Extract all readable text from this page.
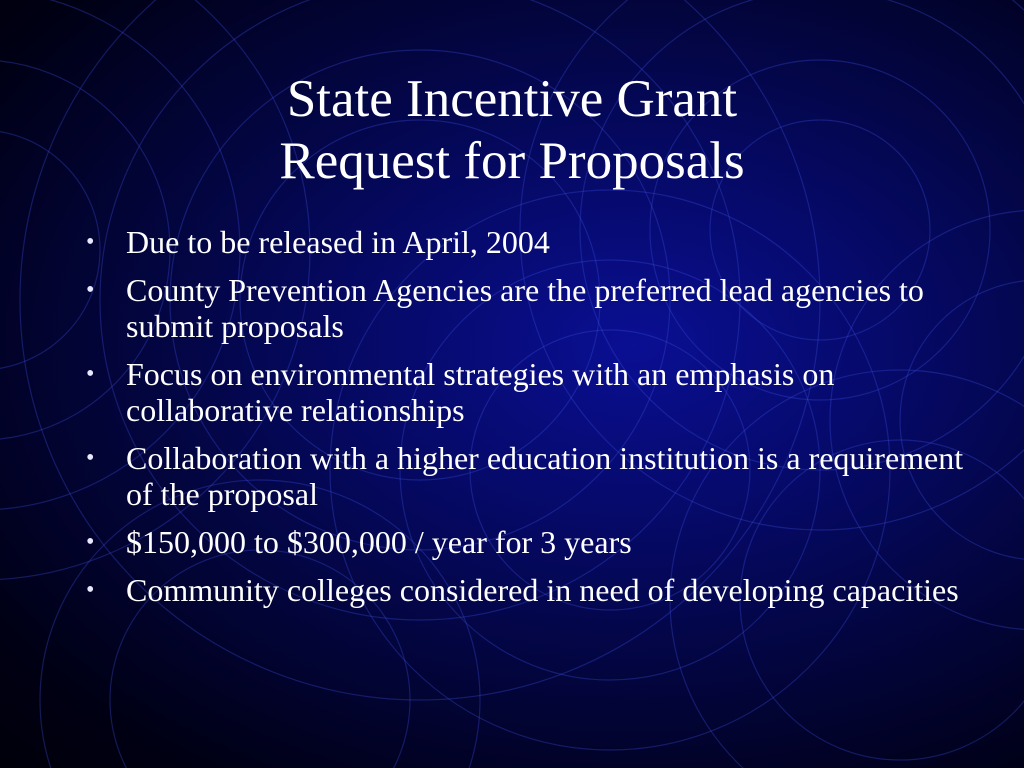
State Incentive Grant
Request for Proposals
• Due to be released in April, 2004
• County Prevention Agencies are the preferred lead agencies to submit proposals
• Focus on environmental strategies with an emphasis on collaborative relationships
• Collaboration with a higher education institution is a requirement of the proposal
• $150,000 to $300,000 / year for 3 years
• Community colleges considered in need of developing capacities
